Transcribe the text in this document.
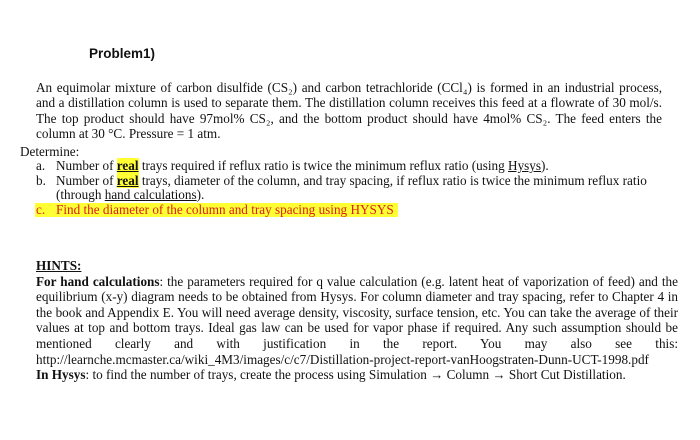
Problem1)
An equimolar mixture of carbon disulfide (CS₂) and carbon tetrachloride (CCl₄) is formed in an industrial process, and a distillation column is used to separate them. The distillation column receives this feed at a flowrate of 30 mol/s. The top product should have 97mol% CS₂, and the bottom product should have 4mol% CS₂. The feed enters the column at 30 °C. Pressure = 1 atm.
Determine:
a. Number of real trays required if reflux ratio is twice the minimum reflux ratio (using Hysys).
b. Number of real trays, diameter of the column, and tray spacing, if reflux ratio is twice the minimum reflux ratio (through hand calculations).
c. Find the diameter of the column and tray spacing using HYSYS

HINTS:

For hand calculations: the parameters required for q value calculation (e.g. latent heat of vaporization of feed) and the equilibrium (x-y) diagram needs to be obtained from Hysys. For column diameter and tray spacing, refer to Chapter 4 in the book and Appendix E. You will need average density, viscosity, surface tension, etc. You can take the average of their values at top and bottom trays. Ideal gas law can be used for vapor phase if required. Any such assumption should be mentioned clearly and with justification in the report. You may also see this: http://learnche.mcmaster.ca/wiki_4M3/images/c/c7/Distillation-project-report-vanHoogstraten-Dunn-UCT-1998.pdf

In Hysys: to find the number of trays, create the process using Simulation → Column → Short Cut Distillation.
